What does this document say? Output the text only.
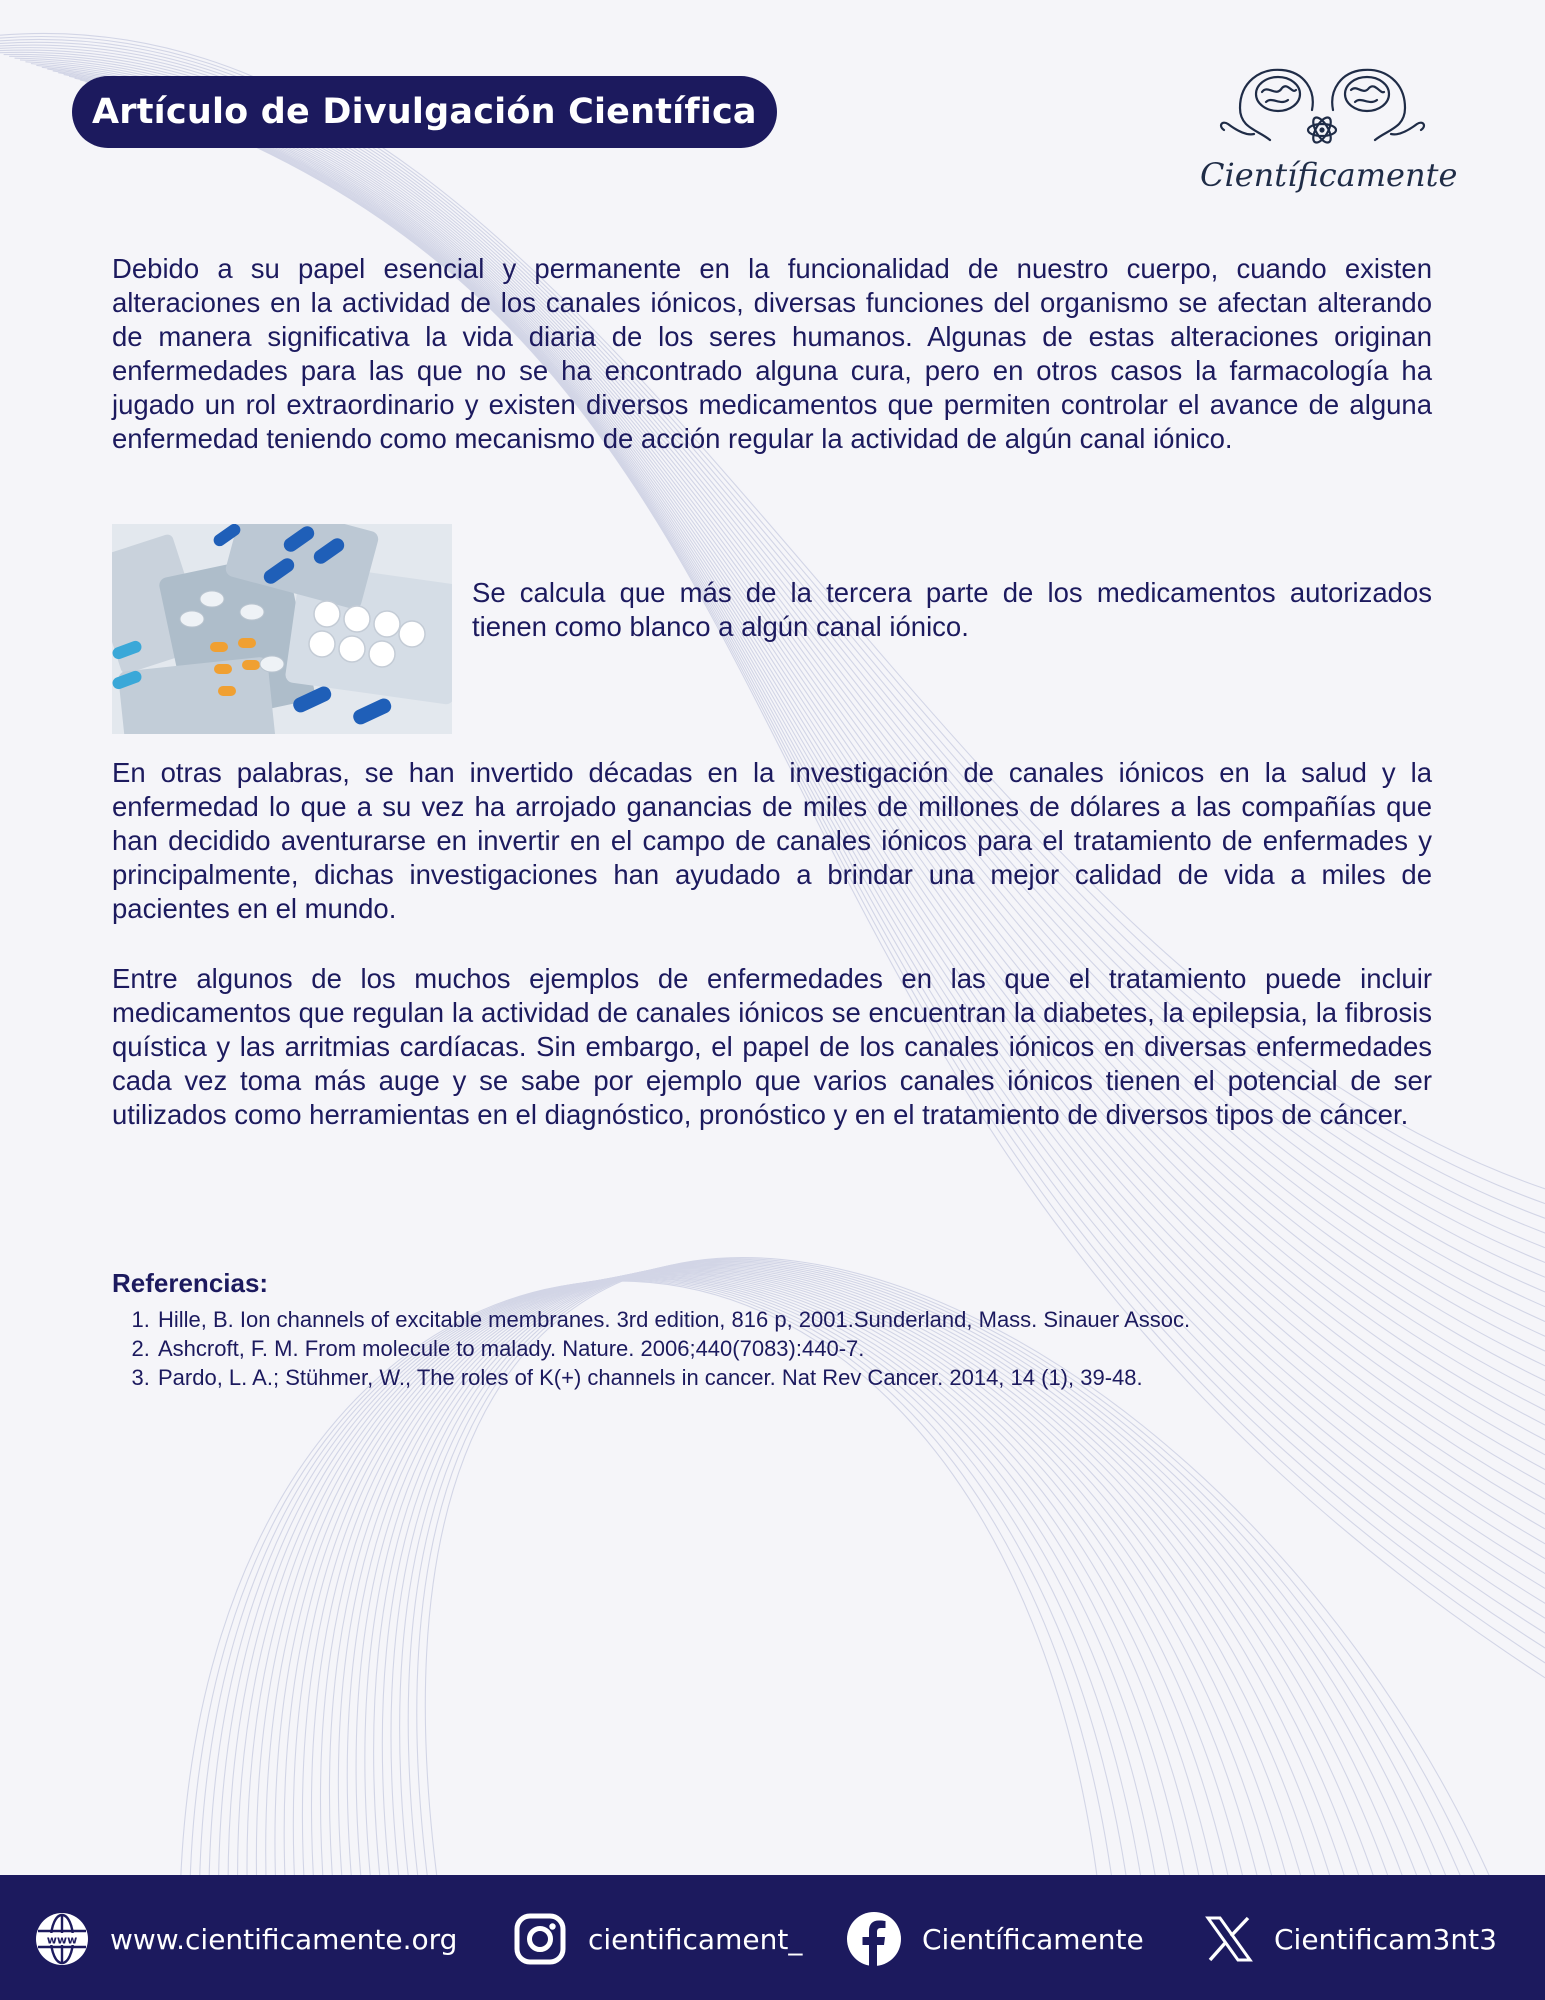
Artículo de Divulgación Científica
Científicamente

Debido a su papel esencial y permanente en la funcionalidad de nuestro cuerpo, cuando existen alteraciones en la actividad de los canales iónicos, diversas funciones del organismo se afectan alterando de manera significativa la vida diaria de los seres humanos. Algunas de estas alteraciones originan enfermedades para las que no se ha encontrado alguna cura, pero en otros casos la farmacología ha jugado un rol extraordinario y existen diversos medicamentos que permiten controlar el avance de alguna enfermedad teniendo como mecanismo de acción regular la actividad de algún canal iónico.

Se calcula que más de la tercera parte de los medicamentos autorizados tienen como blanco a algún canal iónico.

En otras palabras, se han invertido décadas en la investigación de canales iónicos en la salud y la enfermedad lo que a su vez ha arrojado ganancias de miles de millones de dólares a las compañías que han decidido aventurarse en invertir en el campo de canales iónicos para el tratamiento de enfermades y principalmente, dichas investigaciones han ayudado a brindar una mejor calidad de vida a miles de pacientes en el mundo.

Entre algunos de los muchos ejemplos de enfermedades en las que el tratamiento puede incluir medicamentos que regulan la actividad de canales iónicos se encuentran la diabetes, la epilepsia, la fibrosis quística y las arritmias cardíacas. Sin embargo, el papel de los canales iónicos en diversas enfermedades cada vez toma más auge y se sabe por ejemplo que varios canales iónicos tienen el potencial de ser utilizados como herramientas en el diagnóstico, pronóstico y en el tratamiento de diversos tipos de cáncer.

Referencias:
1. Hille, B. Ion channels of excitable membranes. 3rd edition, 816 p, 2001.Sunderland, Mass. Sinauer Assoc.
2. Ashcroft, F. M. From molecule to malady. Nature. 2006;440(7083):440-7.
3. Pardo, L. A.; Stühmer, W., The roles of K(+) channels in cancer. Nat Rev Cancer. 2014, 14 (1), 39-48.
www www.cientificamente.org	cientificament_	Científicamente	Cientificam3nt3
